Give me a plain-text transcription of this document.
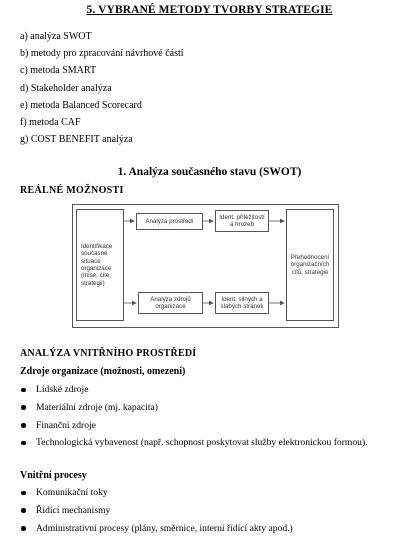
5. VYBRANÉ METODY TVORBY STRATEGIE
a) analýza SWOT
b) metody pro zpracování návrhové části
c) metoda SMART
d) Stakeholder analýza
e) metoda Balanced Scorecard
f) metoda CAF
g) COST BENEFIT analýza
1. Analýza současného stavu (SWOT)
REÁLNÉ MOŽNOSTI
Identifikace současné situace organizace (mise, cíle, strategii)
Analýza prostředí
Ident. příležitostí a hrozeb
Analýza zdrojů organizace
Ident. silných a slabých stránek
Přehodnocení organizačních cílů, strategie
ANALÝZA VNITŘNÍHO PROSTŘEDÍ
Zdroje organizace (možnosti, omezení)
Lidské zdroje
Materiální zdroje (mj. kapacita)
Finanční zdroje
Technologická vybavenost (např. schopnost poskytovat služby elektronickou formou).
Vnitřní procesy
Komunikační toky
Řídící mechanismy
Administrativní procesy (plány, směrnice, interní řídící akty apod.)
